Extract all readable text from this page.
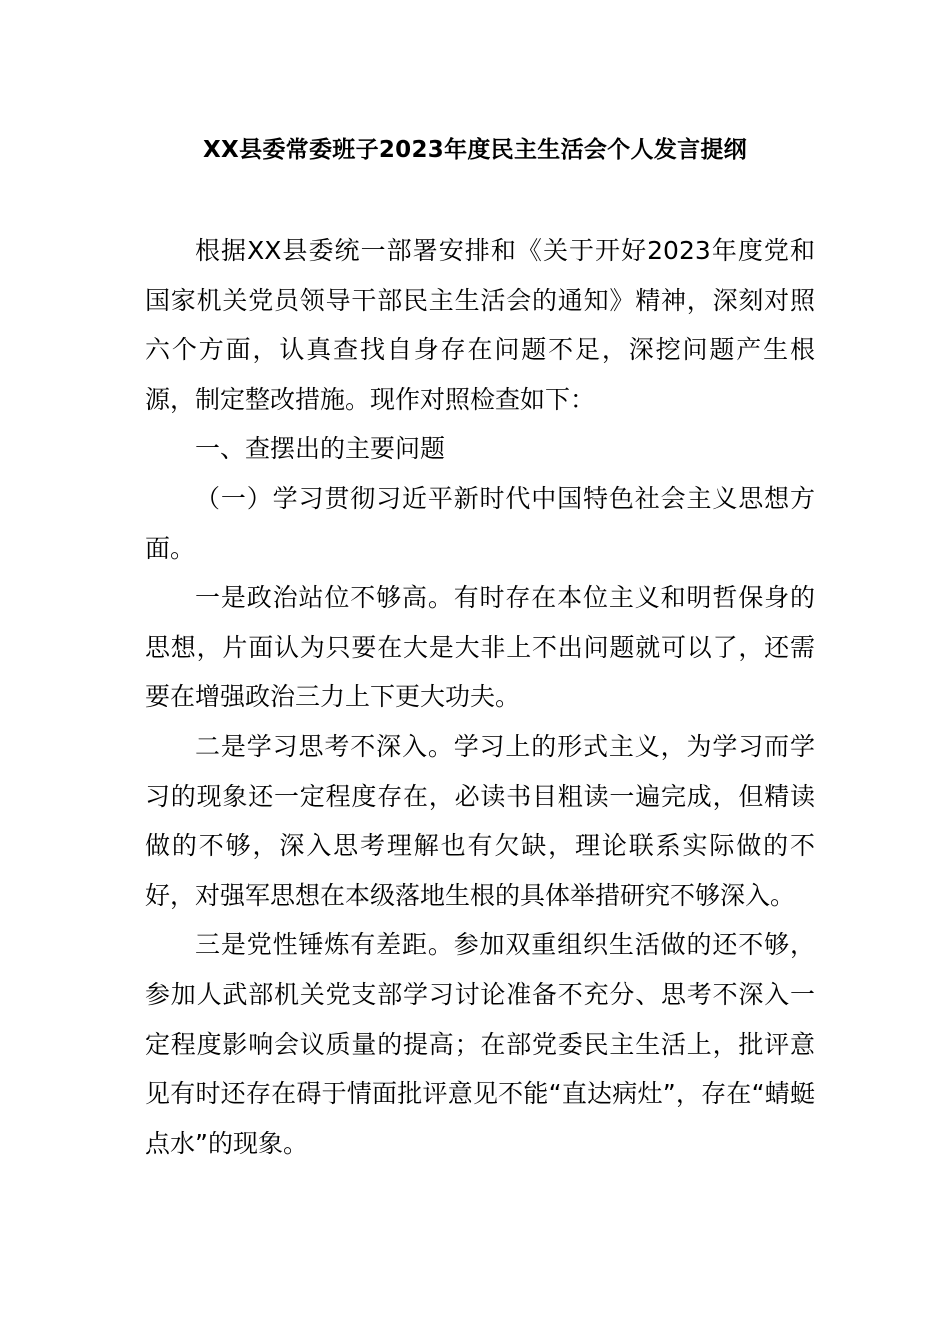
XX县委常委班子2023年度民主生活会个人发言提纲

根据XX县委统一部署安排和《关于开好2023年度党和国家机关党员领导干部民主生活会的通知》精神，深刻对照六个方面，认真查找自身存在问题不足，深挖问题产生根源，制定整改措施。现作对照检查如下：

一、查摆出的主要问题

（一）学习贯彻习近平新时代中国特色社会主义思想方面。

一是政治站位不够高。有时存在本位主义和明哲保身的思想，片面认为只要在大是大非上不出问题就可以了，还需要在增强政治三力上下更大功夫。

二是学习思考不深入。学习上的形式主义，为学习而学习的现象还一定程度存在，必读书目粗读一遍完成，但精读做的不够，深入思考理解也有欠缺，理论联系实际做的不好，对强军思想在本级落地生根的具体举措研究不够深入。

三是党性锤炼有差距。参加双重组织生活做的还不够，参加人武部机关党支部学习讨论准备不充分、思考不深入一定程度影响会议质量的提高；在部党委民主生活上，批评意见有时还存在碍于情面批评意见不能“直达病灶”，存在“蜻蜓点水”的现象。
